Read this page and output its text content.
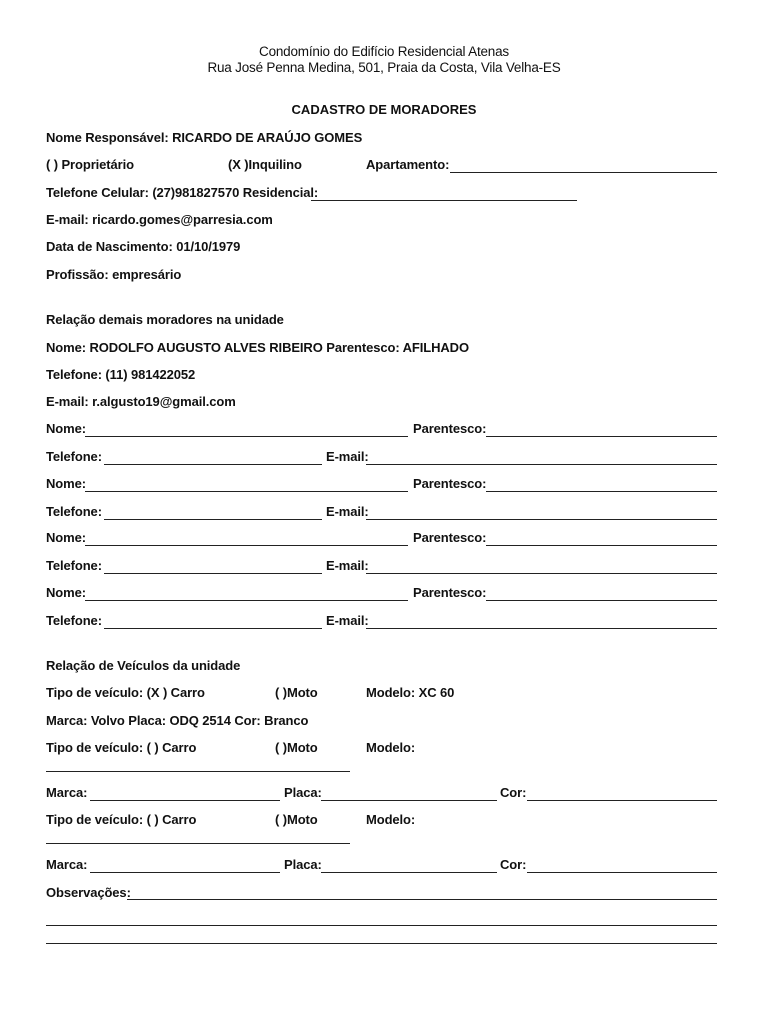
Condomínio do Edifício Residencial Atenas
Rua José Penna Medina, 501, Praia da Costa, Vila Velha-ES
CADASTRO DE MORADORES
Nome Responsável: RICARDO DE ARAÚJO GOMES
( ) Proprietário	(X )Inquilino	Apartamento:
Telefone Celular: (27)981827570 Residencial:
E-mail: ricardo.gomes@parresia.com
Data de Nascimento: 01/10/1979
Profissão: empresário
Relação demais moradores na unidade
Nome: RODOLFO AUGUSTO ALVES RIBEIRO Parentesco: AFILHADO
Telefone: (11) 981422052
E-mail: r.algusto19@gmail.com
Nome:	Parentesco:
Telefone:	E-mail:
Nome:	Parentesco:
Telefone:	E-mail:
Nome:	Parentesco:
Telefone:	E-mail:
Nome:	Parentesco:
Telefone:	E-mail:
Relação de Veículos da unidade
Tipo de veículo: (X ) Carro	( )Moto	Modelo: XC 60
Marca: Volvo Placa: ODQ 2514 Cor: Branco
Tipo de veículo: ( ) Carro	( )Moto	Modelo:
Marca:	Placa:	Cor:
Tipo de veículo: ( ) Carro	( )Moto	Modelo:
Marca:	Placa:	Cor:
Observações:
